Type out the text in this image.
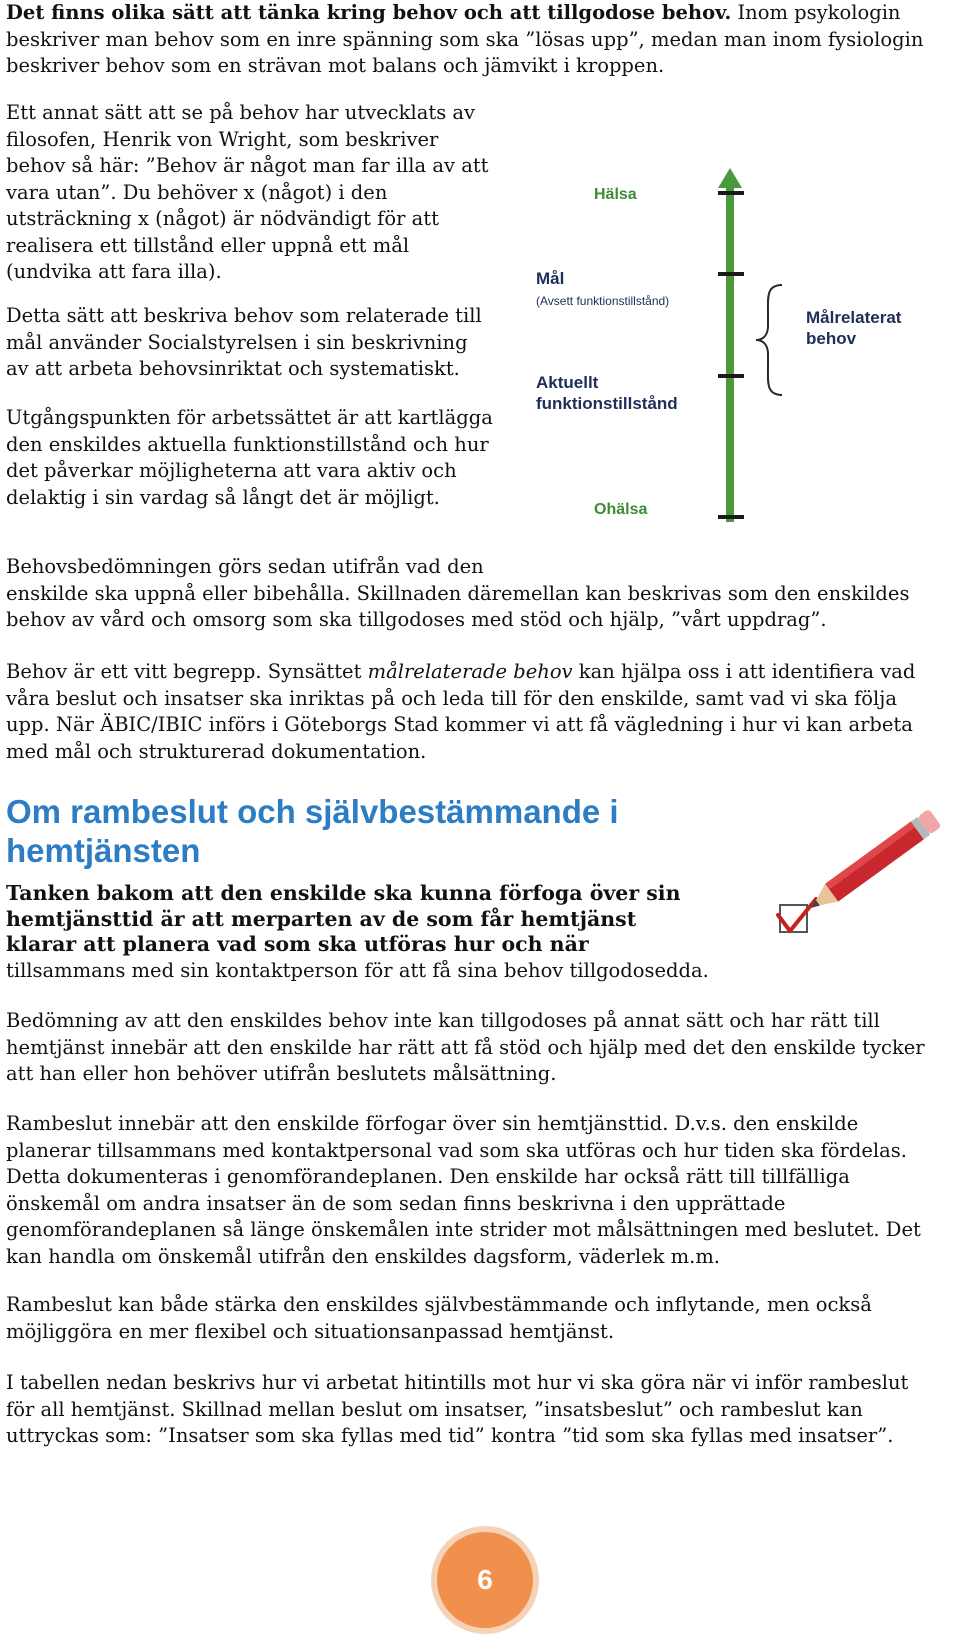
Det finns olika sätt att tänka kring behov och att tillgodose behov. Inom psykologin beskriver man behov som en inre spänning som ska ”lösas upp”, medan man inom fysiologin beskriver behov som en strävan mot balans och jämvikt i kroppen.

Ett annat sätt att se på behov har utvecklats av filosofen, Henrik von Wright, som beskriver behov så här: ”Behov är något man far illa av att vara utan”. Du behöver x (något) i den utsträckning x (något) är nödvändigt för att realisera ett tillstånd eller uppnå ett mål (undvika att fara illa).

Detta sätt att beskriva behov som relaterade till mål använder Socialstyrelsen i sin beskrivning av att arbeta behovsinriktat och systematiskt.

Utgångspunkten för arbetssättet är att kartlägga den enskildes aktuella funktionstillstånd och hur det påverkar möjligheterna att vara aktiv och delaktig i sin vardag så långt det är möjligt.

Hälsa
Mål
(Avsett funktionstillstånd)
Aktuellt funktionstillstånd
Målrelaterat behov
Ohälsa

Behovsbedömningen görs sedan utifrån vad den
enskilde ska uppnå eller bibehålla. Skillnaden däremellan kan beskrivas som den enskildes
behov av vård och omsorg som ska tillgodoses med stöd och hjälp, ”vårt uppdrag”.

Behov är ett vitt begrepp. Synsättet målrelaterade behov kan hjälpa oss i att identifiera vad
våra beslut och insatser ska inriktas på och leda till för den enskilde, samt vad vi ska följa
upp. När ÄBIC/IBIC införs i Göteborgs Stad kommer vi att få vägledning i hur vi kan arbeta
med mål och strukturerad dokumentation.

Om rambeslut och självbestämmande i hemtjänsten

Tanken bakom att den enskilde ska kunna förfoga över sin
hemtjänsttid är att merparten av de som får hemtjänst
klarar att planera vad som ska utföras hur och när
tillsammans med sin kontaktperson för att få sina behov tillgodosedda.

Bedömning av att den enskildes behov inte kan tillgodoses på annat sätt och har rätt till
hemtjänst innebär att den enskilde har rätt att få stöd och hjälp med det den enskilde tycker
att han eller hon behöver utifrån beslutets målsättning.

Rambeslut innebär att den enskilde förfogar över sin hemtjänsttid. D.v.s. den enskilde
planerar tillsammans med kontaktpersonal vad som ska utföras och hur tiden ska fördelas.
Detta dokumenteras i genomförandeplanen. Den enskilde har också rätt till tillfälliga
önskemål om andra insatser än de som sedan finns beskrivna i den upprättade
genomförandeplanen så länge önskemålen inte strider mot målsättningen med beslutet. Det
kan handla om önskemål utifrån den enskildes dagsform, väderlek m.m.

Rambeslut kan både stärka den enskildes självbestämmande och inflytande, men också
möjliggöra en mer flexibel och situationsanpassad hemtjänst.

I tabellen nedan beskrivs hur vi arbetat hitintills mot hur vi ska göra när vi inför rambeslut
för all hemtjänst. Skillnad mellan beslut om insatser, ”insatsbeslut” och rambeslut kan
uttryckas som: ”Insatser som ska fyllas med tid” kontra ”tid som ska fyllas med insatser”.

6
